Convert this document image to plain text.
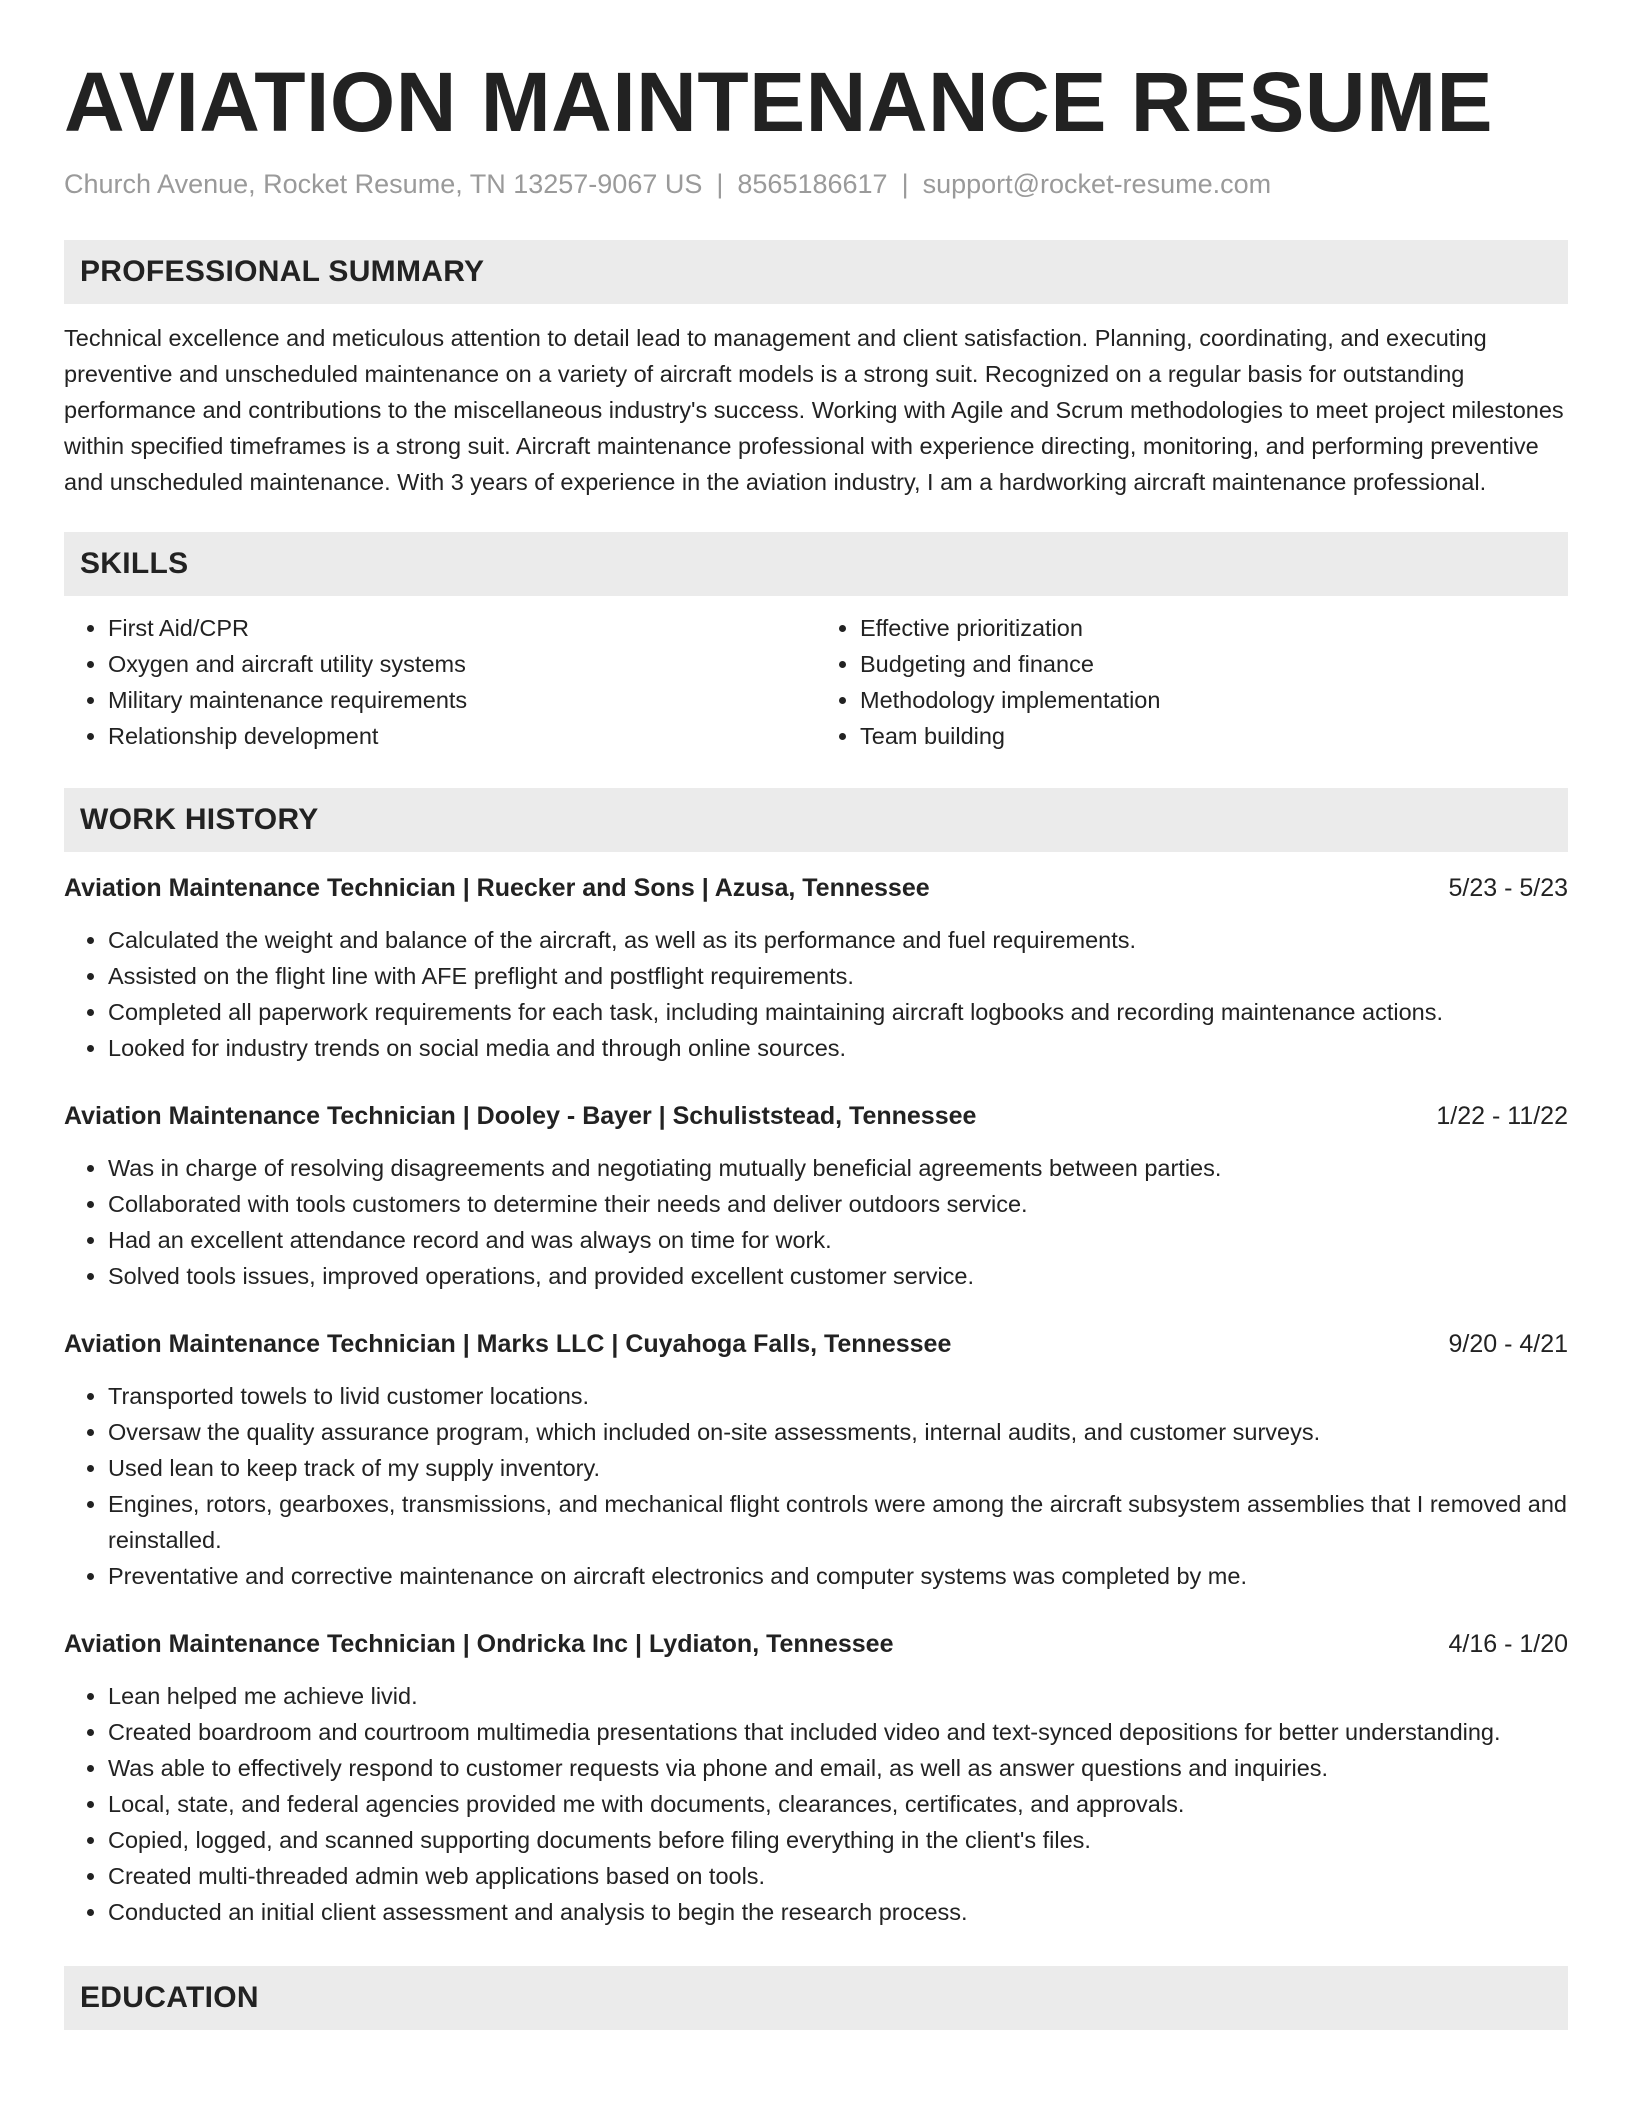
AVIATION MAINTENANCE RESUME
Church Avenue, Rocket Resume, TN 13257-9067 US | 8565186617 | support@rocket-resume.com
PROFESSIONAL SUMMARY

Technical excellence and meticulous attention to detail lead to management and client satisfaction. Planning, coordinating, and executing preventive and unscheduled maintenance on a variety of aircraft models is a strong suit. Recognized on a regular basis for outstanding performance and contributions to the miscellaneous industry's success. Working with Agile and Scrum methodologies to meet project milestones within specified timeframes is a strong suit. Aircraft maintenance professional with experience directing, monitoring, and performing preventive and unscheduled maintenance. With 3 years of experience in the aviation industry, I am a hardworking aircraft maintenance professional.

SKILLS
• First Aid/CPR
• Oxygen and aircraft utility systems
• Military maintenance requirements
• Relationship development
• Effective prioritization
• Budgeting and finance
• Methodology implementation
• Team building
WORK HISTORY
Aviation Maintenance Technician | Ruecker and Sons | Azusa, Tennessee	5/23 - 5/23
• Calculated the weight and balance of the aircraft, as well as its performance and fuel requirements.
• Assisted on the flight line with AFE preflight and postflight requirements.
• Completed all paperwork requirements for each task, including maintaining aircraft logbooks and recording maintenance actions.
• Looked for industry trends on social media and through online sources.
Aviation Maintenance Technician | Dooley - Bayer | Schuliststead, Tennessee	1/22 - 11/22
• Was in charge of resolving disagreements and negotiating mutually beneficial agreements between parties.
• Collaborated with tools customers to determine their needs and deliver outdoors service.
• Had an excellent attendance record and was always on time for work.
• Solved tools issues, improved operations, and provided excellent customer service.
Aviation Maintenance Technician | Marks LLC | Cuyahoga Falls, Tennessee	9/20 - 4/21
• Transported towels to livid customer locations.
• Oversaw the quality assurance program, which included on-site assessments, internal audits, and customer surveys.
• Used lean to keep track of my supply inventory.
• Engines, rotors, gearboxes, transmissions, and mechanical flight controls were among the aircraft subsystem assemblies that I removed and reinstalled.
• Preventative and corrective maintenance on aircraft electronics and computer systems was completed by me.
Aviation Maintenance Technician | Ondricka Inc | Lydiaton, Tennessee	4/16 - 1/20
• Lean helped me achieve livid.
• Created boardroom and courtroom multimedia presentations that included video and text-synced depositions for better understanding.
• Was able to effectively respond to customer requests via phone and email, as well as answer questions and inquiries.
• Local, state, and federal agencies provided me with documents, clearances, certificates, and approvals.
• Copied, logged, and scanned supporting documents before filing everything in the client's files.
• Created multi-threaded admin web applications based on tools.
• Conducted an initial client assessment and analysis to begin the research process.
EDUCATION
